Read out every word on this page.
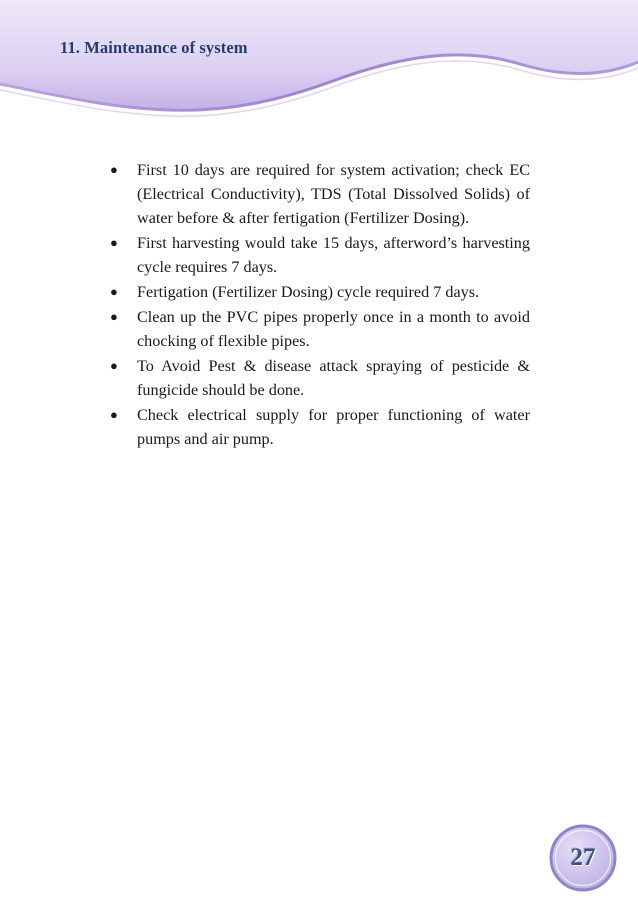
11. Maintenance of system
● First 10 days are required for system activation; check EC (Electrical Conductivity), TDS (Total Dissolved Solids) of water before & after fertigation (Fertilizer Dosing).
● First harvesting would take 15 days, afterword’s harvesting cycle requires 7 days.
● Fertigation (Fertilizer Dosing) cycle required 7 days.
● Clean up the PVC pipes properly once in a month to avoid chocking of flexible pipes.
● To Avoid Pest & disease attack spraying of pesticide & fungicide should be done.
● Check electrical supply for proper functioning of water pumps and air pump.
27
